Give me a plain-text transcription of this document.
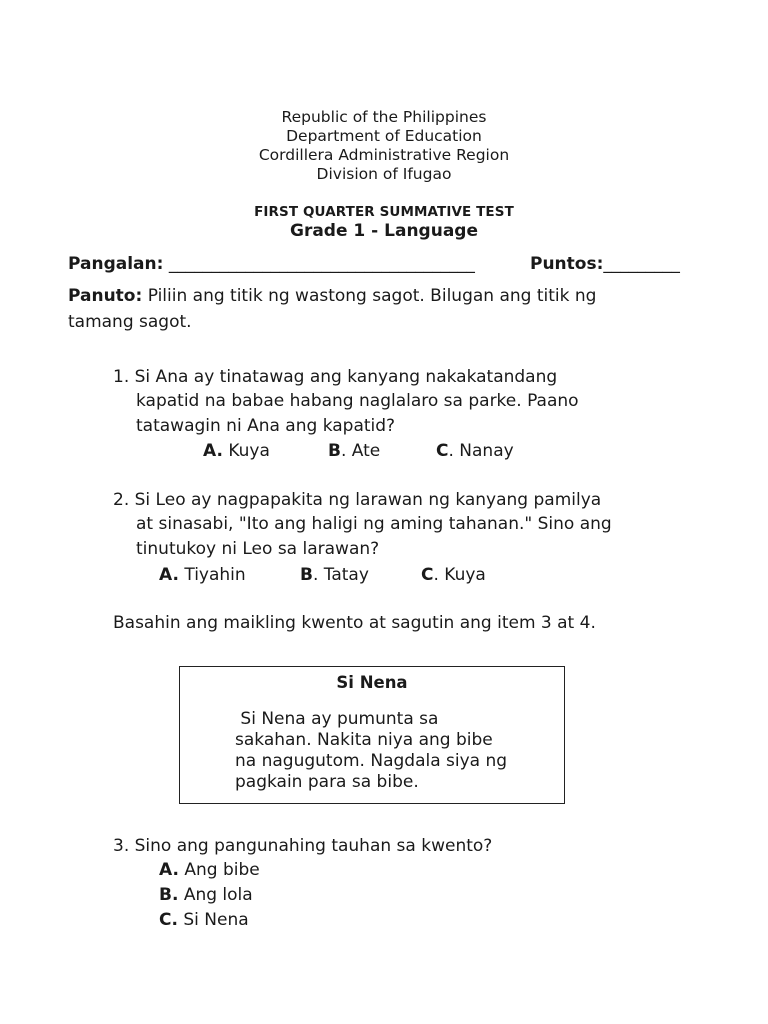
Republic of the Philippines
Department of Education
Cordillera Administrative Region
Division of Ifugao
FIRST QUARTER SUMMATIVE TEST
Grade 1 - Language
Pangalan: ____________________________________	Puntos:_________
Panuto: Piliin ang titik ng wastong sagot. Bilugan ang titik ng
tamang sagot.
1. Si Ana ay tinatawag ang kanyang nakakatandang
kapatid na babae habang naglalaro sa parke. Paano
tatawagin ni Ana ang kapatid?
A. Kuya	B. Ate	C. Nanay
2. Si Leo ay nagpapakita ng larawan ng kanyang pamilya
at sinasabi, "Ito ang haligi ng aming tahanan." Sino ang
tinutukoy ni Leo sa larawan?
A. Tiyahin	B. Tatay	C. Kuya
Basahin ang maikling kwento at sagutin ang item 3 at 4.
Si Nena
Si Nena ay pumunta sa
sakahan. Nakita niya ang bibe
na nagugutom. Nagdala siya ng
pagkain para sa bibe.
3. Sino ang pangunahing tauhan sa kwento?
A. Ang bibe
B. Ang lola
C. Si Nena
